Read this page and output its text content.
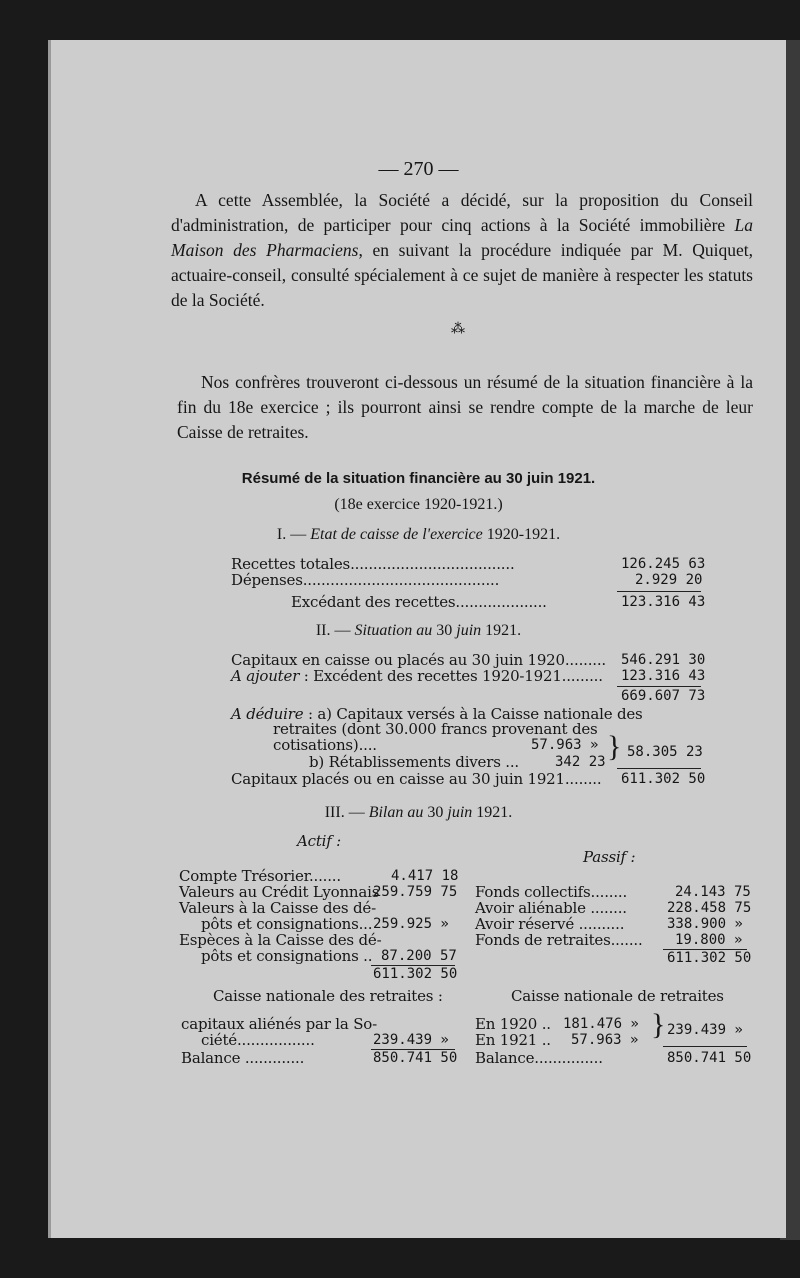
— 270 —
A cette Assemblée, la Société a décidé, sur la proposition du Conseil d'administration, de participer pour cinq actions à la Société immobilière La Maison des Pharmaciens, en suivant la procédure indiquée par M. Quiquet, actuaire-conseil, consulté spécialement à ce sujet de manière à respecter les statuts de la Société.
⁂
Nos confrères trouveront ci-dessous un résumé de la situation financière à la fin du 18e exercice ; ils pourront ainsi se rendre compte de la marche de leur Caisse de retraites.
Résumé de la situation financière au 30 juin 1921.
(18e exercice 1920-1921.)
I. — Etat de caisse de l'exercice 1920-1921.
Recettes totales....................................	126.245 63
Dépenses...........................................	2.929 20
Excédant des recettes....................	123.316 43
II. — Situation au 30 juin 1921.
Capitaux en caisse ou placés au 30 juin 1920......... 546.291 30
A ajouter : Excédent des recettes 1920-1921......... 123.316 43
669.607 73
A déduire : a) Capitaux versés à la Caisse nationale des
retraites (dont 30.000 francs provenant des cotisations)....	57.963 »
b) Rétablissements divers ...	342 23 } 58.305 23
Capitaux placés ou en caisse au 30 juin 1921........ 611.302 50
III. — Bilan au 30 juin 1921.
Actif :
Passif :
Compte Trésorier.......	4.417 18
Valeurs au Crédit Lyonnais
259.759 75
Valeurs à la Caisse des dé-
pôts et consignations... 259.925 »
Espèces à la Caisse des dé-
pôts et consignations .. 87.200 57
611.302 50
Fonds collectifs........	24.143 75
Avoir aliénable ........	228.458 75
Avoir réservé ..........	338.900 »
Fonds de retraites....... 19.800 »
611.302 50
Caisse nationale des retraites :	Caisse nationale de retraites
capitaux aliénés par la So-
ciété.................	239.439 »
Balance .............	850.741 50
En 1920 .. 181.476 »
En 1921 .. 57.963 » } 239.439 »
Balance...............	850.741 50
